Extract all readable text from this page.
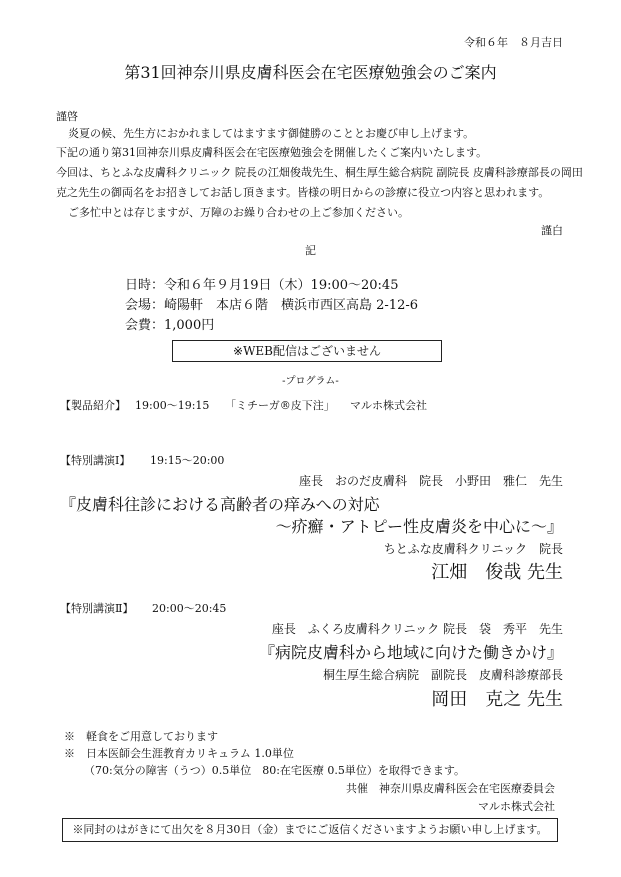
令和６年　８月吉日
第31回神奈川県皮膚科医会在宅医療勉強会のご案内
謹啓
炎夏の候、先生方におかれましてはますます御健勝のこととお慶び申し上げます。
下記の通り第31回神奈川県皮膚科医会在宅医療勉強会を開催したくご案内いたします。
今回は、ちとふな皮膚科クリニック 院長の江畑俊哉先生、桐生厚生総合病院 副院長 皮膚科診療部長の岡田
克之先生の御両名をお招きしてお話し頂きます。皆様の明日からの診療に役立つ内容と思われます。
ご多忙中とは存じますが、万障のお繰り合わせの上ご参加ください。
謹白
記
日時：令和６年９月19日（木）19:00〜20:45
会場：崎陽軒　本店６階　横浜市西区高島 2-12-6
会費：1,000円
※WEB配信はございません
-プログラム-
【製品紹介】 19:00〜19:15 「ミチーガ®皮下注」 マルホ株式会社
【特別講演Ⅰ】 19:15〜20:00
座長　おのだ皮膚科　院長　小野田　雅仁　先生
『皮膚科往診における高齢者の痒みへの対応
〜疥癬・アトピー性皮膚炎を中心に〜』
ちとふな皮膚科クリニック　院長
江畑　俊哉 先生
【特別講演Ⅱ】 20:00〜20:45
座長　ふくろ皮膚科クリニック 院長　袋　秀平　先生
『病院皮膚科から地域に向けた働きかけ』
桐生厚生総合病院　副院長　皮膚科診療部長
岡田　克之 先生
※　軽食をご用意しております
※　日本医師会生涯教育カリキュラム 1.0単位
（70:気分の障害（うつ）0.5単位　80:在宅医療 0.5単位）を取得できます。
共催　神奈川県皮膚科医会在宅医療委員会
マルホ株式会社
※同封のはがきにて出欠を８月30日（金）までにご返信くださいますようお願い申し上げます。
